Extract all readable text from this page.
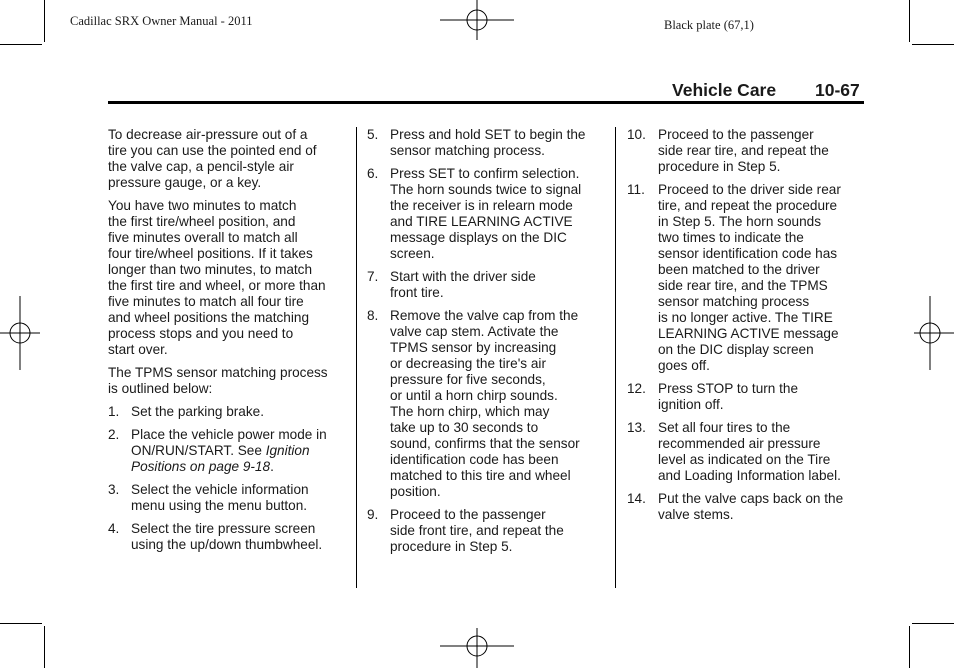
Cadillac SRX Owner Manual - 2011	Black plate (67,1)
Vehicle Care 10-67

To decrease air-pressure out of a
tire you can use the pointed end of
the valve cap, a pencil-style air
pressure gauge, or a key.

You have two minutes to match
the first tire/wheel position, and
five minutes overall to match all
four tire/wheel positions. If it takes
longer than two minutes, to match
the first tire and wheel, or more than
five minutes to match all four tire
and wheel positions the matching
process stops and you need to
start over.

The TPMS sensor matching process
is outlined below:

1. Set the parking brake.
2. Place the vehicle power mode in
ON/RUN/START. See Ignition
Positions on page 9-18.
3. Select the vehicle information
menu using the menu button.
4. Select the tire pressure screen
using the up/down thumbwheel.
5. Press and hold SET to begin the
sensor matching process.
6. Press SET to confirm selection.
The horn sounds twice to signal
the receiver is in relearn mode
and TIRE LEARNING ACTIVE
message displays on the DIC
screen.
7. Start with the driver side
front tire.
8. Remove the valve cap from the
valve cap stem. Activate the
TPMS sensor by increasing
or decreasing the tire's air
pressure for five seconds,
or until a horn chirp sounds.
The horn chirp, which may
take up to 30 seconds to
sound, confirms that the sensor
identification code has been
matched to this tire and wheel
position.
9. Proceed to the passenger
side front tire, and repeat the
procedure in Step 5.
10. Proceed to the passenger
side rear tire, and repeat the
procedure in Step 5.
11. Proceed to the driver side rear
tire, and repeat the procedure
in Step 5. The horn sounds
two times to indicate the
sensor identification code has
been matched to the driver
side rear tire, and the TPMS
sensor matching process
is no longer active. The TIRE
LEARNING ACTIVE message
on the DIC display screen
goes off.
12. Press STOP to turn the
ignition off.
13. Set all four tires to the
recommended air pressure
level as indicated on the Tire
and Loading Information label.
14. Put the valve caps back on the
valve stems.
